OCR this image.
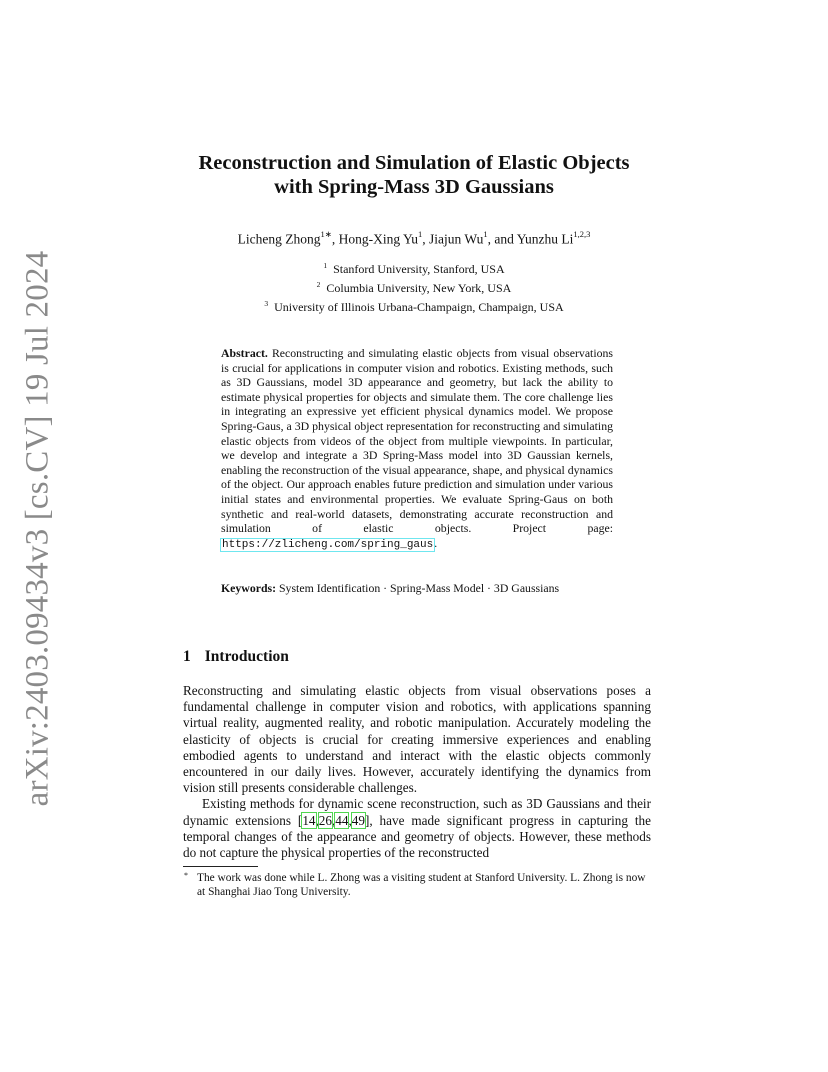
arXiv:2403.09434v3 [cs.CV] 19 Jul 2024
Reconstruction and Simulation of Elastic Objects
with Spring-Mass 3D Gaussians
Licheng Zhong$^{1∗}$, Hong-Xing Yu$^1$, Jiajun Wu$^1$, and Yunzhu Li$^{1,2,3}$
$^1$ Stanford University, Stanford, USA
$^2$ Columbia University, New York, USA
$^3$ University of Illinois Urbana-Champaign, Champaign, USA
Abstract. Reconstructing and simulating elastic objects from visual observations is crucial for applications in computer vision and robotics. Existing methods, such as 3D Gaussians, model 3D appearance and geometry, but lack the ability to estimate physical properties for objects and simulate them. The core challenge lies in integrating an expressive yet efficient physical dynamics model. We propose Spring-Gaus, a 3D physical object representation for reconstructing and simulating elastic objects from videos of the object from multiple viewpoints. In particular, we develop and integrate a 3D Spring-Mass model into 3D Gaussian kernels, enabling the reconstruction of the visual appearance, shape, and physical dynamics of the object. Our approach enables future prediction and simulation under various initial states and environmental properties. We evaluate Spring-Gaus on both synthetic and real-world datasets, demonstrating accurate reconstruction and simulation of elastic objects.	Project page: https://zlicheng.com/spring_gaus.
Keywords: System Identification · Spring-Mass Model · 3D Gaussians
1 Introduction

Reconstructing and simulating elastic objects from visual observations poses a fundamental challenge in computer vision and robotics, with applications spanning virtual reality, augmented reality, and robotic manipulation. Accurately modeling the elasticity of objects is crucial for creating immersive experiences and enabling embodied agents to understand and interact with the elastic objects commonly encountered in our daily lives. However, accurately identifying the dynamics from vision still presents considerable challenges.

Existing methods for dynamic scene reconstruction, such as 3D Gaussians and their dynamic extensions [14,26,44,49], have made significant progress in capturing the temporal changes of the appearance and geometry of objects. However, these methods do not capture the physical properties of the reconstructed

* The work was done while L. Zhong was a visiting student at Stanford University. L. Zhong is now at Shanghai Jiao Tong University.
